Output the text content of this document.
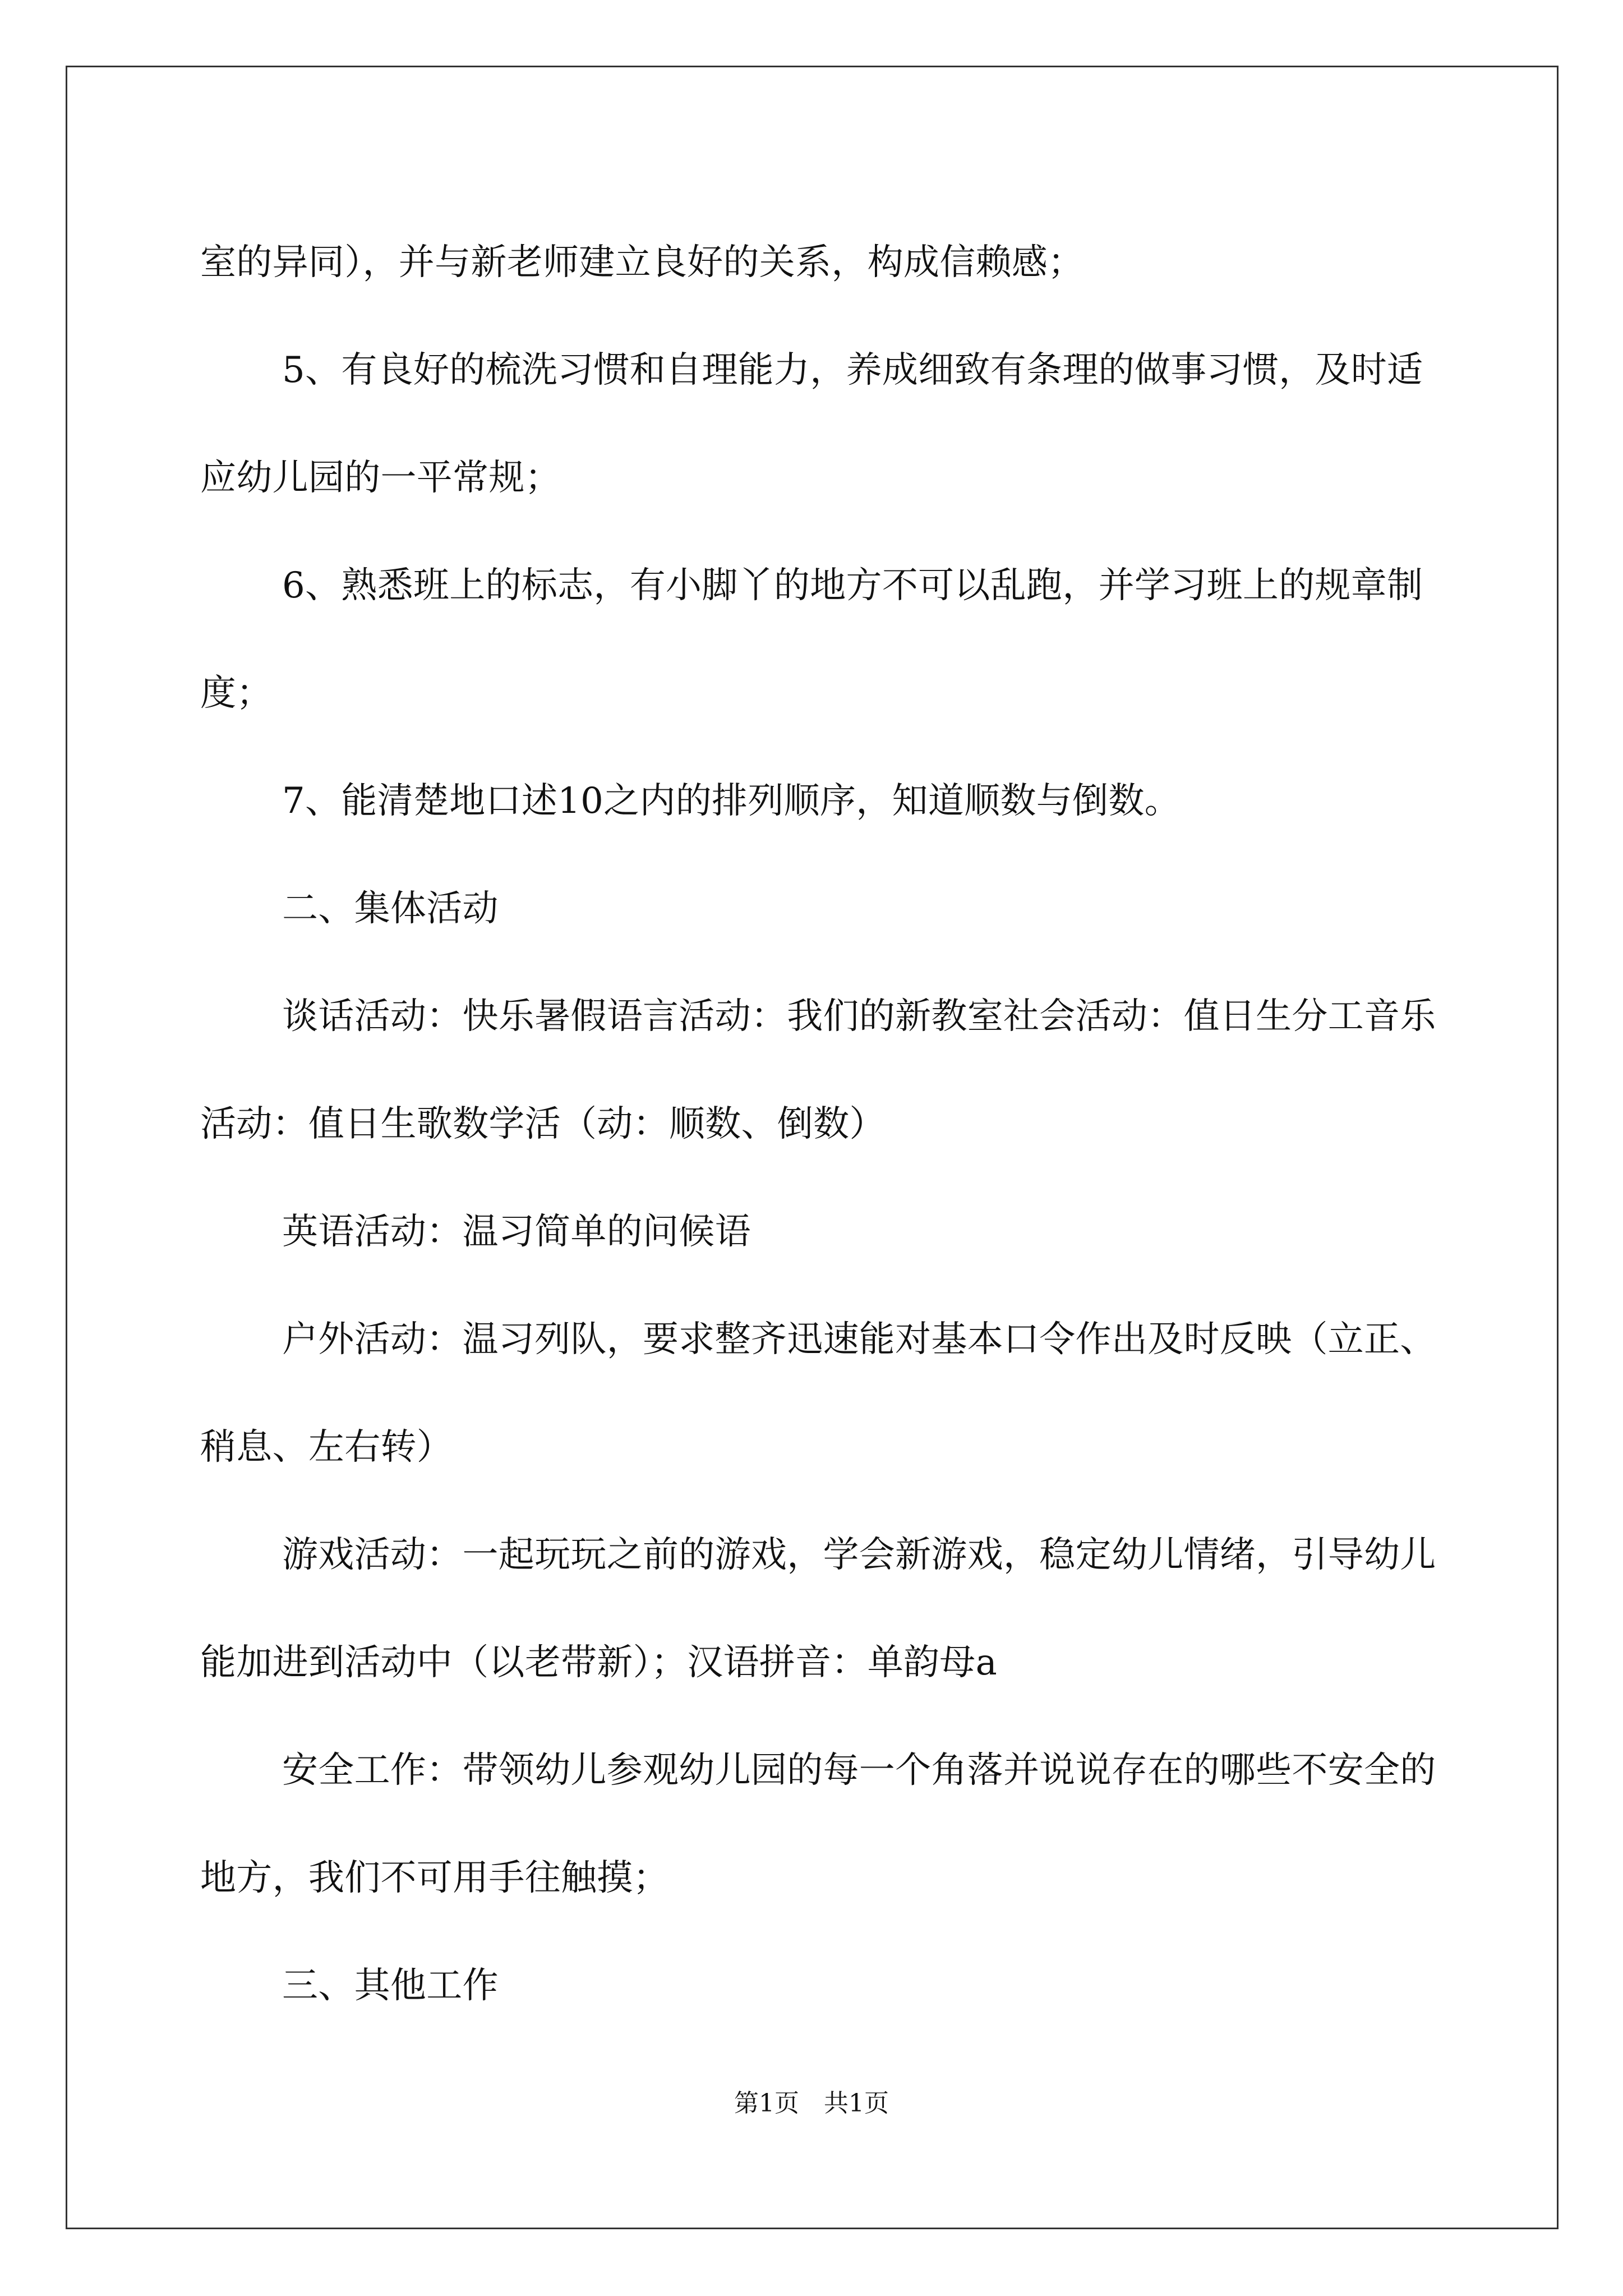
室的异同），并与新老师建立良好的关系，构成信赖感；

5、有良好的梳洗习惯和自理能力，养成细致有条理的做事习惯，及时适应幼儿园的一平常规；

6、熟悉班上的标志，有小脚丫的地方不可以乱跑，并学习班上的规章制度；

7、能清楚地口述10之内的排列顺序，知道顺数与倒数。

二、集体活动

谈话活动：快乐暑假语言活动：我们的新教室社会活动：值日生分工音乐活动：值日生歌数学活（动：顺数、倒数）

英语活动：温习简单的问候语

户外活动：温习列队，要求整齐迅速能对基本口令作出及时反映（立正、稍息、左右转）

游戏活动：一起玩玩之前的游戏，学会新游戏，稳定幼儿情绪，引导幼儿能加进到活动中（以老带新）；汉语拼音：单韵母a

安全工作：带领幼儿参观幼儿园的每一个角落并说说存在的哪些不安全的地方，我们不可用手往触摸；

三、其他工作

第1页　共1页
